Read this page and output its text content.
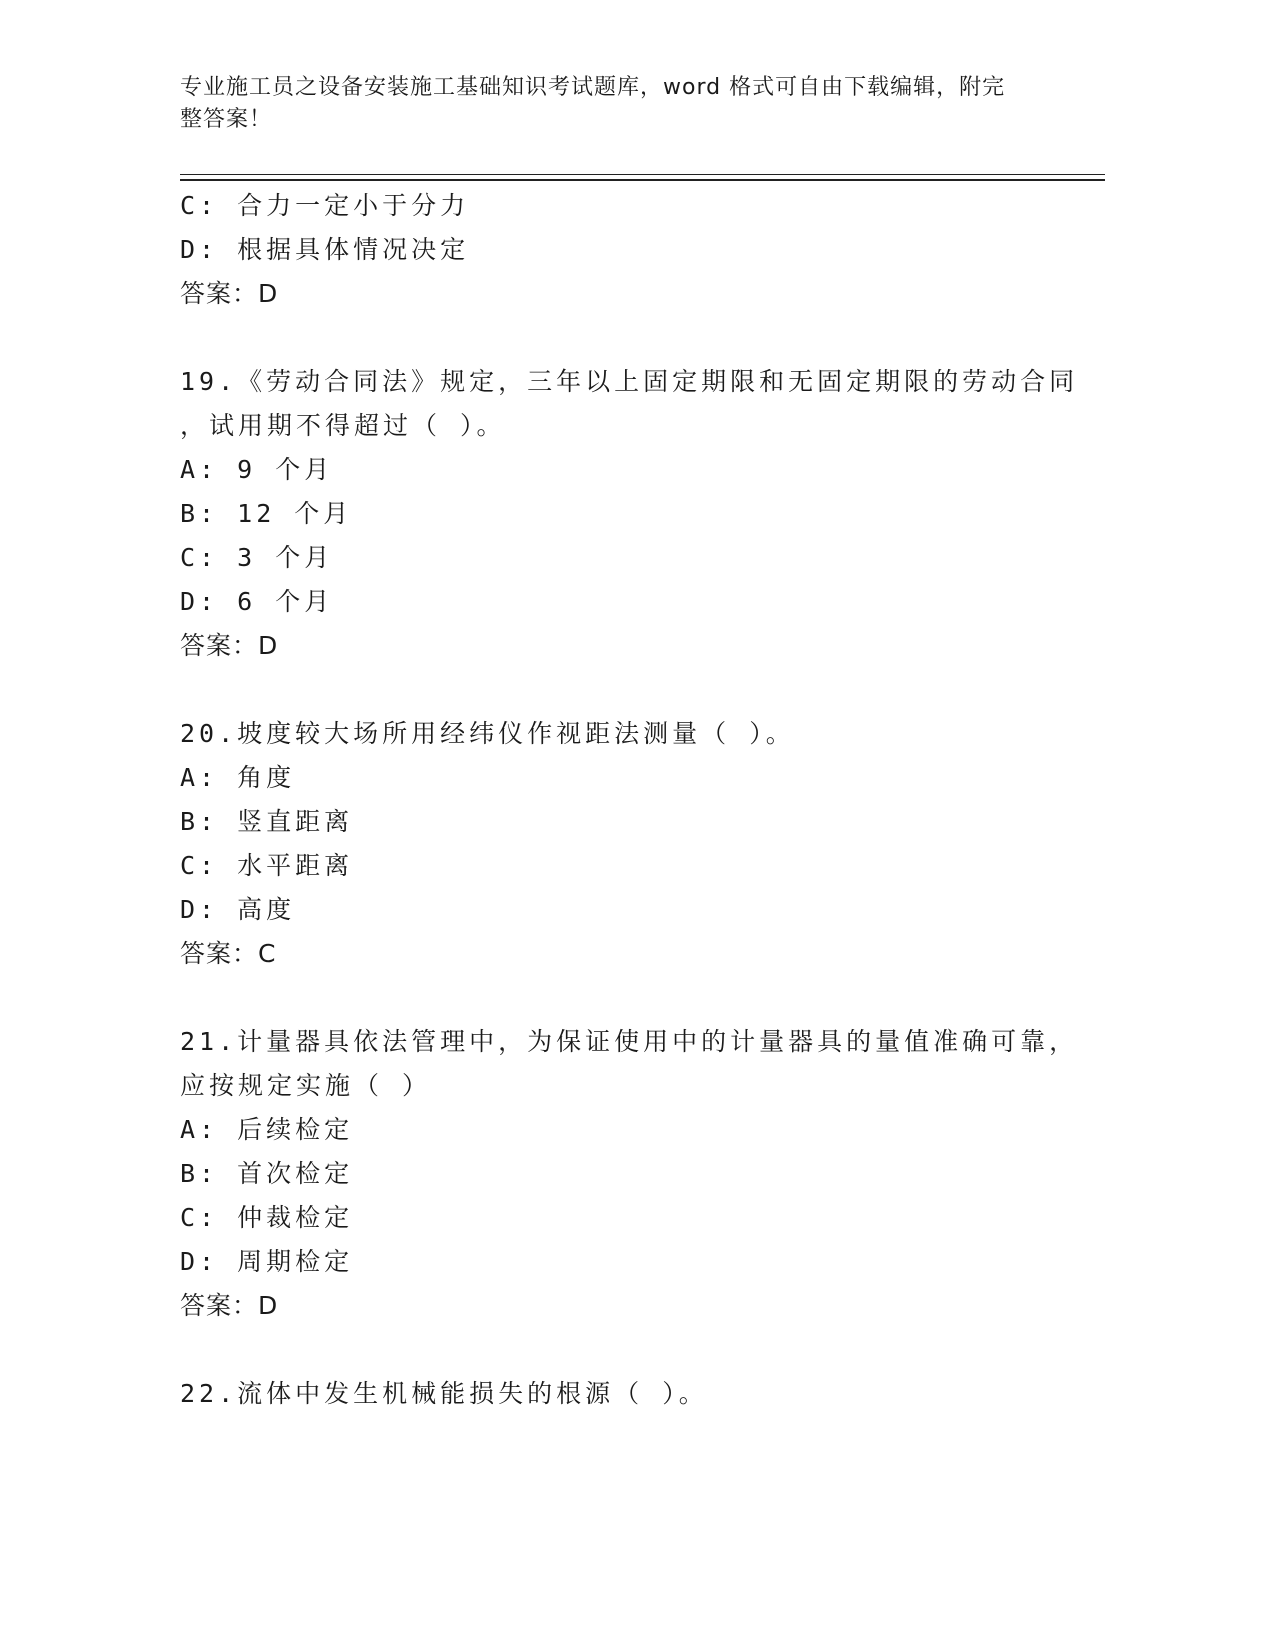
专业施工员之设备安装施工基础知识考试题库，word 格式可自由下载编辑，附完
整答案！
C: 合力一定小于分力
D: 根据具体情况决定
答案：D
19.《劳动合同法》规定，三年以上固定期限和无固定期限的劳动合同
，试用期不得超过（ ）。
A: 9 个月
B: 12 个月
C: 3 个月
D: 6 个月
答案：D
20.坡度较大场所用经纬仪作视距法测量（ ）。
A: 角度
B: 竖直距离
C: 水平距离
D: 高度
答案：C
21.计量器具依法管理中，为保证使用中的计量器具的量值准确可靠，
应按规定实施（ ）
A: 后续检定
B: 首次检定
C: 仲裁检定
D: 周期检定
答案：D
22.流体中发生机械能损失的根源（ ）。
